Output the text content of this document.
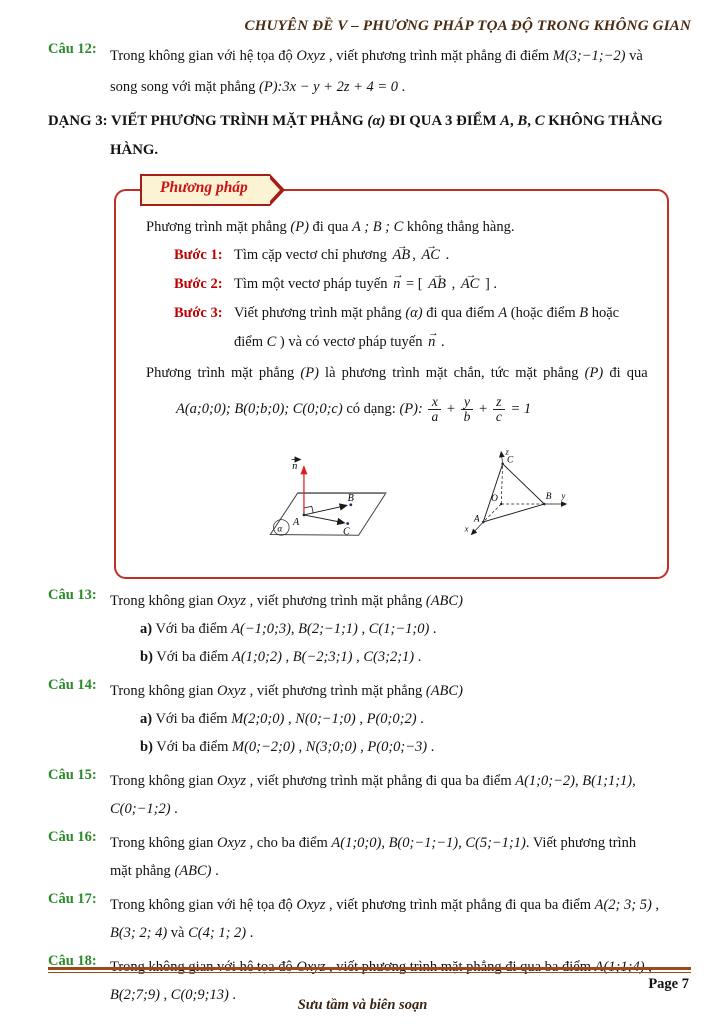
CHUYÊN ĐỀ V – PHƯƠNG PHÁP TỌA ĐỘ TRONG KHÔNG GIAN
Câu 12: Trong không gian với hệ tọa độ Oxyz , viết phương trình mặt phẳng đi điểm M(3;−1;−2) và
song song với mặt phẳng (P):3x − y + 2z + 4 = 0 .
DẠNG 3: VIẾT PHƯƠNG TRÌNH MẶT PHẲNG (α) ĐI QUA 3 ĐIỂM A, B, C KHÔNG THẲNG HÀNG.
Phương pháp
Phương trình mặt phẳng (P) đi qua A ; B ; C không thẳng hàng.
Bước 1: Tìm cặp vectơ chỉ phương → AB , → AC .
Bước 2: Tìm một vectơ pháp tuyến → n = [ → AB , → AC ] .
Bước 3: Viết phương trình mặt phẳng (α) đi qua điểm A (hoặc điểm B hoặc điểm C ) và có vectơ pháp tuyến → n .
Phương trình mặt phẳng (P) là phương trình mặt chắn, tức mặt phẳng (P) đi qua
A(a;0;0); B(0;b;0); C(0;0;c) có dạng: (P): $\frac{x}{a} + \frac{y}{b} + \frac{z}{c} = 1$
n
A
B
C
α
O
A
B
C
z
y
x
Câu 13: Trong không gian Oxyz , viết phương trình mặt phẳng (ABC)
a) Với ba điểm A(−1;0;3), B(2;−1;1) , C(1;−1;0) .
b) Với ba điểm A(1;0;2) , B(−2;3;1) , C(3;2;1) .
Câu 14: Trong không gian Oxyz , viết phương trình mặt phẳng (ABC)
a) Với ba điểm M(2;0;0) , N(0;−1;0) , P(0;0;2) .
b) Với ba điểm M(0;−2;0) , N(3;0;0) , P(0;0;−3) .
Câu 15: Trong không gian Oxyz , viết phương trình mặt phẳng đi qua ba điểm A(1;0;−2), B(1;1;1),
C(0;−1;2) .
Câu 16: Trong không gian Oxyz , cho ba điểm A(1;0;0), B(0;−1;−1), C(5;−1;1). Viết phương trình
mặt phẳng (ABC) .
Câu 17: Trong không gian với hệ tọa độ Oxyz , viết phương trình mặt phẳng đi qua ba điểm A(2; 3; 5) ,
B(3; 2; 4) và C(4; 1; 2) .
Câu 18: Trong không gian với hệ tọa độ Oxyz , viết phương trình mặt phẳng đi qua ba điểm A(1;1;4) ,
B(2;7;9) , C(0;9;13) .
Page 7
Sưu tầm và biên soạn
